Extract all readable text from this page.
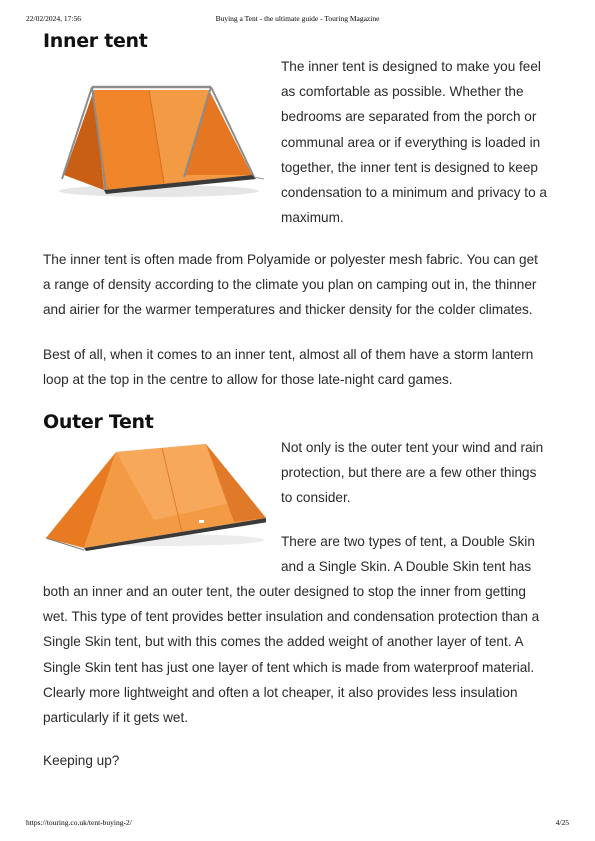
22/02/2024, 17:56	Buying a Tent - the ultimate guide - Touring Magazine
Inner tent

The inner tent is designed to make you feel
as comfortable as possible. Whether the
bedrooms are separated from the porch or
communal area or if everything is loaded in
together, the inner tent is designed to keep
condensation to a minimum and privacy to a
maximum.

The inner tent is often made from Polyamide or polyester mesh fabric. You can get
a range of density according to the climate you plan on camping out in, the thinner
and airier for the warmer temperatures and thicker density for the colder climates.

Best of all, when it comes to an inner tent, almost all of them have a storm lantern
loop at the top in the centre to allow for those late-night card games.

Outer Tent

Not only is the outer tent your wind and rain
protection, but there are a few other things
to consider.

There are two types of tent, a Double Skin
and a Single Skin. A Double Skin tent has

both an inner and an outer tent, the outer designed to stop the inner from getting
wet. This type of tent provides better insulation and condensation protection than a
Single Skin tent, but with this comes the added weight of another layer of tent. A
Single Skin tent has just one layer of tent which is made from waterproof material.
Clearly more lightweight and often a lot cheaper, it also provides less insulation
particularly if it gets wet.

Keeping up?

https://touring.co.uk/tent-buying-2/	4/25
